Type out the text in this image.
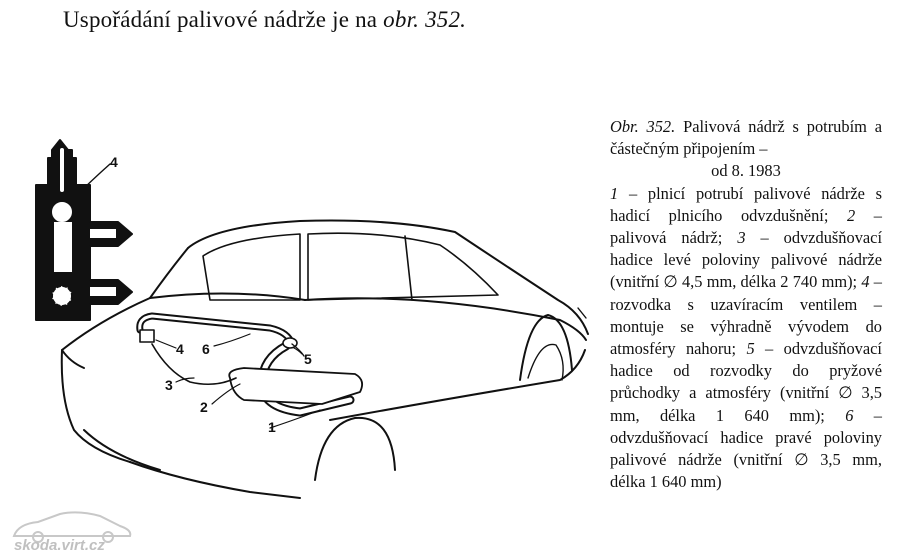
Uspořádání palivové nádrže je na obr. 352.
4
1
2
3
4 6
5
Obr. 352. Palivová nádrž s potrubím a částečným připojením –
od 8. 1983
1 – plnicí potrubí palivové nádrže s hadicí plnicího odvzdušnění; 2 – palivová nádrž; 3 – odvzdušňovací hadice levé poloviny palivové nádrže (vnitřní ∅ 4,5 mm, délka 2 740 mm); 4 – rozvodka s uzavíracím ventilem – montuje se výhradně vývodem do atmosféry nahoru; 5 – odvzdušňovací hadice od rozvodky do pryžové průchodky a atmosféry (vnitřní ∅ 3,5 mm, délka 1 640 mm); 6 – odvzdušňovací hadice pravé poloviny palivové nádrže (vnitřní ∅ 3,5 mm, délka 1 640 mm)
skoda.virt.cz
